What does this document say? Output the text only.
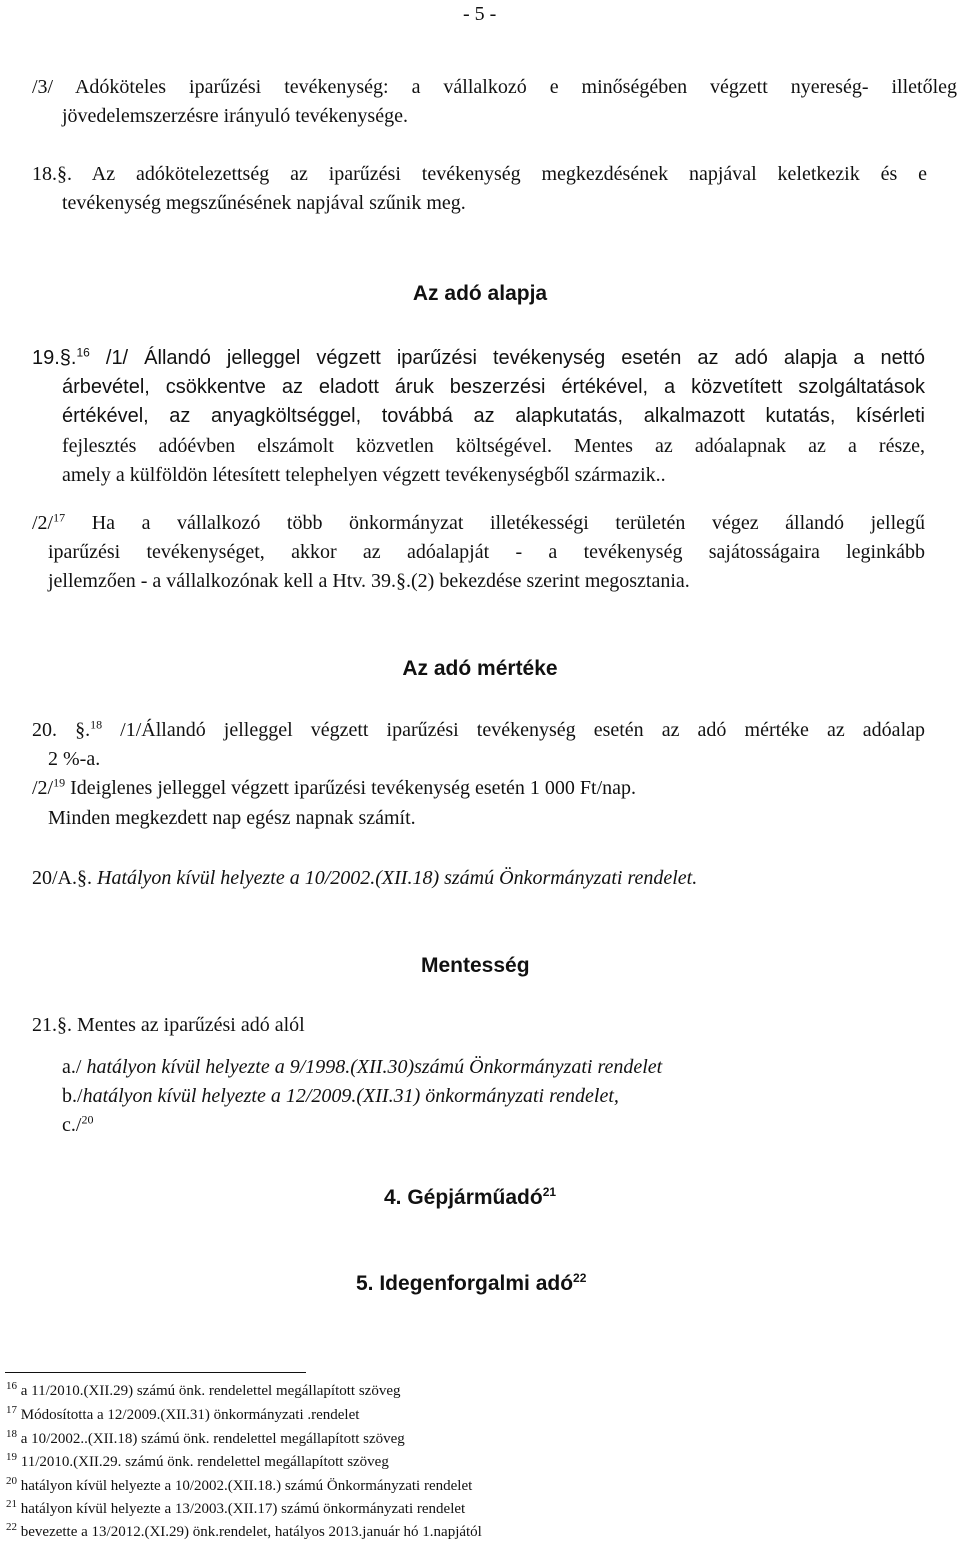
- 5 -
/3/ Adóköteles iparűzési tevékenység: a vállalkozó e minőségében végzett nyereség- illetőleg
jövedelemszerzésre irányuló tevékenysége.
18.§. Az adókötelezettség az iparűzési tevékenység megkezdésének napjával keletkezik és e
tevékenység megszűnésének napjával szűnik meg.
Az adó alapja
19.§.$^{16}$ /1/ Állandó jelleggel végzett iparűzési tevékenység esetén az adó alapja a nettó
árbevétel, csökkentve az eladott áruk beszerzési értékével, a közvetített szolgáltatások
értékével, az anyagköltséggel, továbbá az alapkutatás, alkalmazott kutatás, kísérleti
fejlesztés adóévben elszámolt közvetlen költségével. Mentes az adóalapnak az a része,
amely a külföldön létesített telephelyen végzett tevékenységből származik..
/2/$^{17}$ Ha a vállalkozó több önkormányzat illetékességi területén végez állandó jellegű
iparűzési tevékenységet, akkor az adóalapját - a tevékenység sajátosságaira leginkább
jellemzően - a vállalkozónak kell a Htv. 39.§.(2) bekezdése szerint megosztania.
Az adó mértéke
20. §.$^{18}$ /1/Állandó jelleggel végzett iparűzési tevékenység esetén az adó mértéke az adóalap
2 %-a.
/2/$^{19}$ Ideiglenes jelleggel végzett iparűzési tevékenység esetén 1 000 Ft/nap.
Minden megkezdett nap egész napnak számít.
20/A.§. Hatályon kívül helyezte a 10/2002.(XII.18) számú Önkormányzati rendelet.
Mentesség
21.§. Mentes az iparűzési adó alól
a./ hatályon kívül helyezte a 9/1998.(XII.30)számú Önkormányzati rendelet
b./hatályon kívül helyezte a 12/2009.(XII.31) önkormányzati rendelet,
c./$^{20}$
4. Gépjárműadó$^{21}$
5. Idegenforgalmi adó$^{22}$
$^{16}$ a 11/2010.(XII.29) számú önk. rendelettel megállapított szöveg
$^{17}$ Módosította a 12/2009.(XII.31) önkormányzati .rendelet
$^{18}$ a 10/2002..(XII.18) számú önk. rendelettel megállapított szöveg
$^{19}$ 11/2010.(XII.29. számú önk. rendelettel megállapított szöveg
$^{20}$ hatályon kívül helyezte a 10/2002.(XII.18.) számú Önkormányzati rendelet
$^{21}$ hatályon kívül helyezte a 13/2003.(XII.17) számú önkormányzati rendelet
$^{22}$ bevezette a 13/2012.(XI.29) önk.rendelet, hatályos 2013.január hó 1.napjától
